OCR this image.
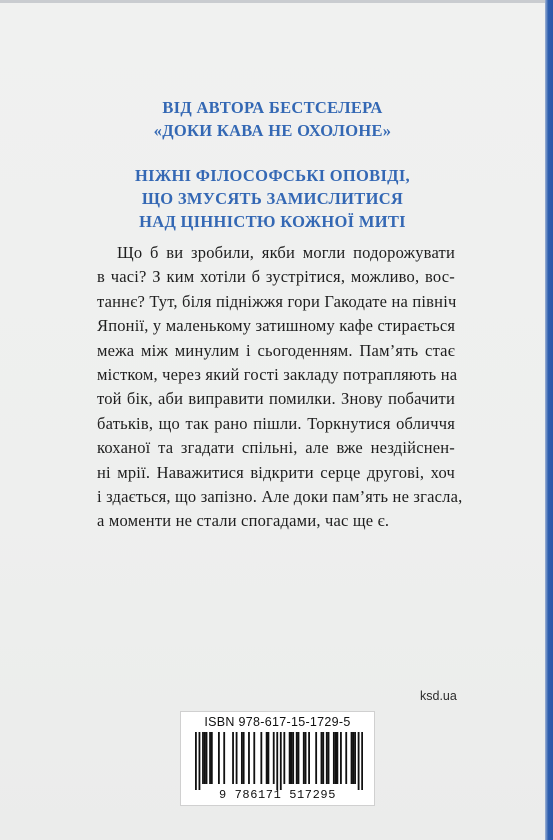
ВІД АВТОРА БЕСТСЕЛЕРА
«ДОКИ КАВА НЕ ОХОЛОНЕ»
НІЖНІ ФІЛОСОФСЬКІ ОПОВІДІ,
ЩО ЗМУСЯТЬ ЗАМИСЛИТИСЯ
НАД ЦІННІСТЮ КОЖНОЇ МИТІ
Що б ви зробили, якби могли подорожувати
в часі? З ким хотіли б зустрітися, можливо, вос-
таннє? Тут, біля підніжжя гори Гакодате на північ
Японії, у маленькому затишному кафе стирається
межа між минулим і сьогоденням. Пам’ять стає
містком, через який гості закладу потрапляють на
той бік, аби виправити помилки. Знову побачити
батьків, що так рано пішли. Торкнутися обличчя
коханої та згадати спільні, але вже нездійснен-
ні мрії. Наважитися відкрити серце другові, хоч
і здається, що запізно. Але доки пам’ять не згасла,
а моменти не стали спогадами, час ще є.
ksd.ua
ISBN 978-617-15-1729-5
9 786171 517295
